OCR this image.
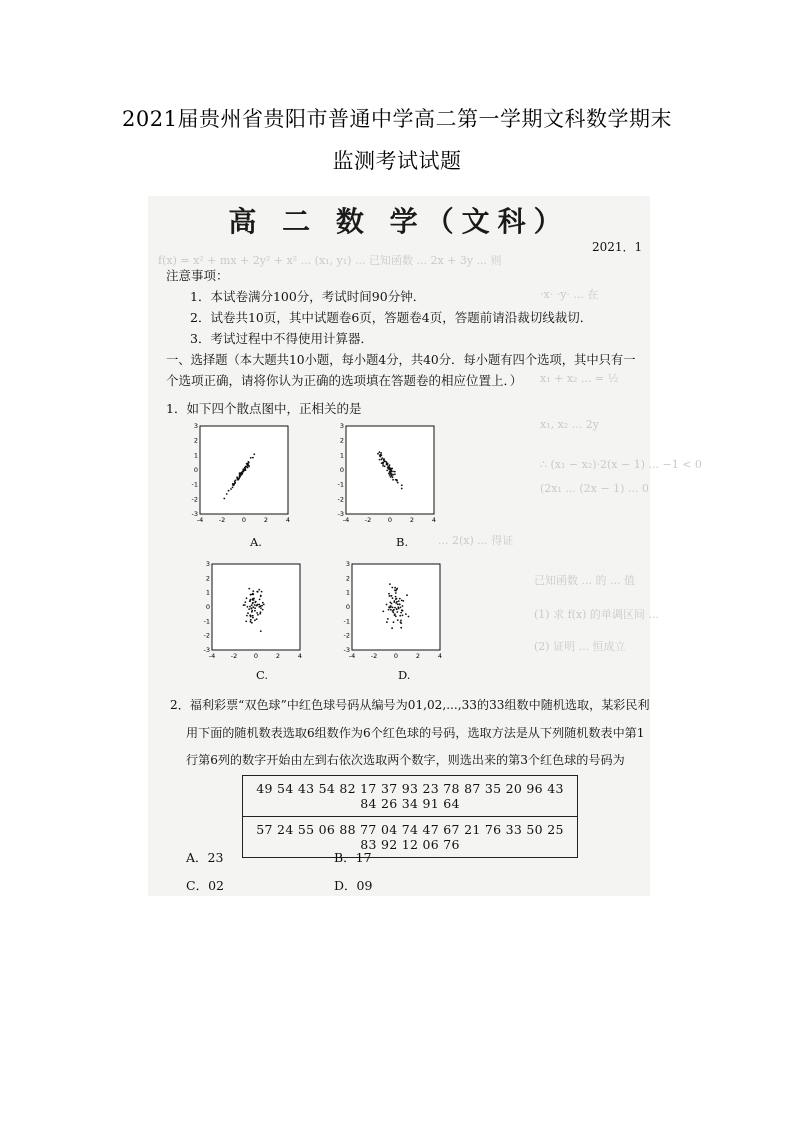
2021届贵州省贵阳市普通中学高二第一学期文科数学期末
监测考试试题
f(x) = x² + mx + 2y² + x² ... (x₁, y₁) ... 已知函数 ... 2x + 3y ... 则
·x· ·y· ... 在
x₁ + x₂ ... = ½
x₁, x₂ ... 2y
∴ (x₁ − x₂)·2(x − 1) ... −1 < 0
(2x₁ ... (2x − 1) ... 0
... 2(x) ... 得证
已知函数 ... 的 ... 值
(1) 求 f(x) 的单调区间 ...
(2) 证明 ... 恒成立
高 二 数 学（文科）
2021．1
注意事项：
1．本试卷满分100分，考试时间90分钟．
2．试卷共10页，其中试题卷6页，答题卷4页，答题前请沿裁切线裁切．
3．考试过程中不得使用计算器．
一、选择题（本大题共10小题，每小题4分，共40分．每小题有四个选项，其中只有一
个选项正确，请将你认为正确的选项填在答题卷的相应位置上．）
1．如下四个散点图中，正相关的是
3
2
1
0
-1
-2
-3
-4 -2	0	2	4
A.
3
2
1
0
-1
-2
-3
-4 -2	0	2	4
B.
3
2
1
0
-1
-2
-3
-4 -2	0	2	4
C.
3
2
1
0
-1
-2
-3
-4 -2	0	2	4
D.
2．福利彩票“双色球”中红色球号码从编号为01,02,...,33的33组数中随机选取，某彩民利
用下面的随机数表选取6组数作为6个红色球的号码，选取方法是从下列随机数表中第1
行第6列的数字开始由左到右依次选取两个数字，则选出来的第3个红色球的号码为
49 54 43 54 82 17 37 93 23 78 87 35 20 96 43 84 26 34 91 64
57 24 55 06 88 77 04 74 47 67 21 76 33 50 25 83 92 12 06 76
A．23	B．17
C．02	D．09
